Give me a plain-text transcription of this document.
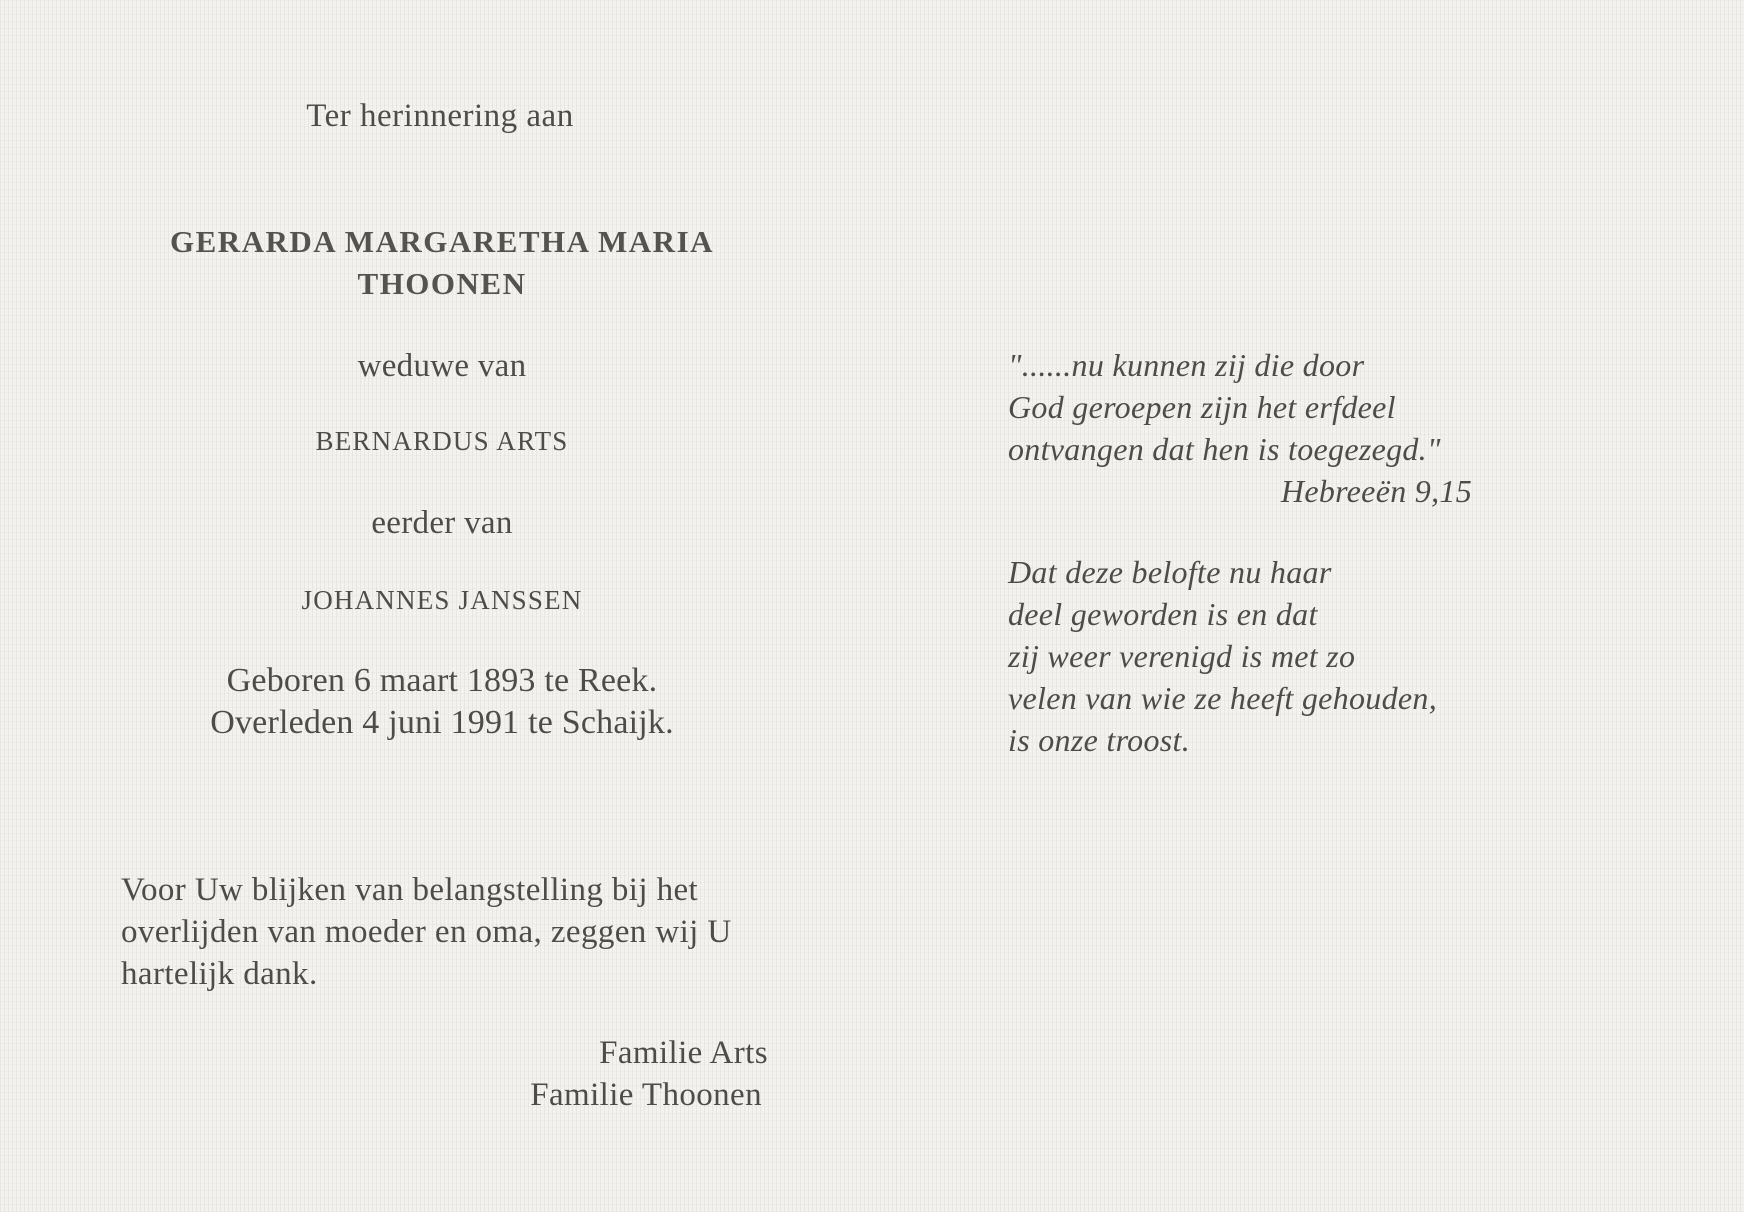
Ter herinnering aan
GERARDA MARGARETHA MARIA
THOONEN
weduwe van
BERNARDUS ARTS
eerder van
JOHANNES JANSSEN
Geboren 6 maart 1893 te Reek.
Overleden 4 juni 1991 te Schaijk.
Voor Uw blijken van belangstelling bij het
overlijden van moeder en oma, zeggen wij U
hartelijk dank.
Familie Arts
Familie Thoonen
"......nu kunnen zij die door
God geroepen zijn het erfdeel
ontvangen dat hen is toegezegd."
Hebreeën 9,15
Dat deze belofte nu haar
deel geworden is en dat
zij weer verenigd is met zo
velen van wie ze heeft gehouden,
is onze troost.
